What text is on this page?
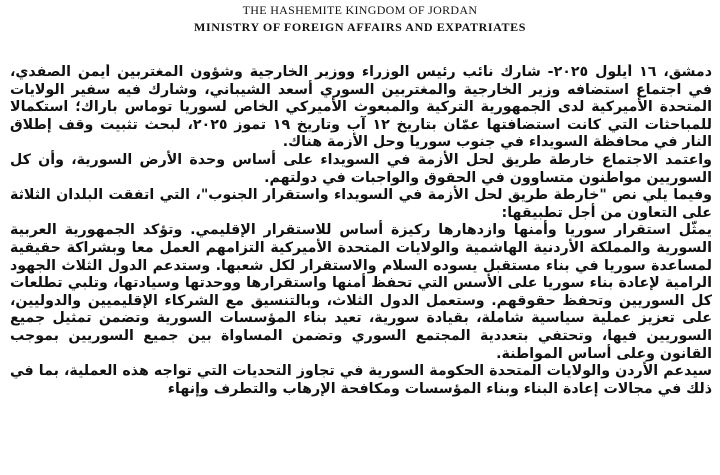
THE HASHEMITE KINGDOM OF JORDAN
MINISTRY OF FOREIGN AFFAIRS AND EXPATRIATES

دمشق، ١٦ أيلول ٢٠٢٥- شارك نائب رئيس الوزراء ووزير الخارجية وشؤون المغتربين أيمن الصفدي، في اجتماع استضافه وزير الخارجية والمغتربين السوري أسعد الشيباني، وشارك فيه سفير الولايات المتحدة الأميركية لدى الجمهورية التركية والمبعوث الأميركي الخاص لسوريا توماس باراك؛ استكمالا للمباحثات التي كانت استضافتها عمّان بتاريخ ١٢ آب وتاريخ ١٩ تموز ٢٠٢٥، لبحث تثبيت وقف إطلاق النار في محافظة السويداء في جنوب سوريا وحل الأزمة هناك.

واعتمد الاجتماع خارطة طريق لحل الأزمة في السويداء على أساس وحدة الأرض السورية، وأن كل السوريين مواطنون متساوون في الحقوق والواجبات في دولتهم.

وفيما يلي نص "خارطة طريق لحل الأزمة في السويداء واستقرار الجنوب"، التي اتفقت البلدان الثلاثة على التعاون من أجل تطبيقها:

يمثّل استقرار سوريا وأمنها وازدهارها ركيزة أساس للاستقرار الإقليمي. وتؤكد الجمهورية العربية السورية والمملكة الأردنية الهاشمية والولايات المتحدة الأميركية التزامهم العمل معا وبشراكة حقيقية لمساعدة سوريا في بناء مستقبل يسوده السلام والاستقرار لكل شعبها. وستدعم الدول الثلاث الجهود الرامية لإعادة بناء سوريا على الأسس التي تحفظ أمنها واستقرارها ووحدتها وسيادتها، وتلبي تطلعات كل السوريين وتحفظ حقوقهم. وستعمل الدول الثلاث، وبالتنسيق مع الشركاء الإقليميين والدوليين، على تعزيز عملية سياسية شاملة، بقيادة سورية، تعيد بناء المؤسسات السورية وتضمن تمثيل جميع السوريين فيها، وتحتفي بتعددية المجتمع السوري وتضمن المساواة بين جميع السوريين بموجب القانون وعلى أساس المواطنة.

سيدعم الأردن والولايات المتحدة الحكومة السورية في تجاوز التحديات التي تواجه هذه العملية، بما في ذلك في مجالات إعادة البناء وبناء المؤسسات ومكافحة الإرهاب والتطرف وإنهاء
